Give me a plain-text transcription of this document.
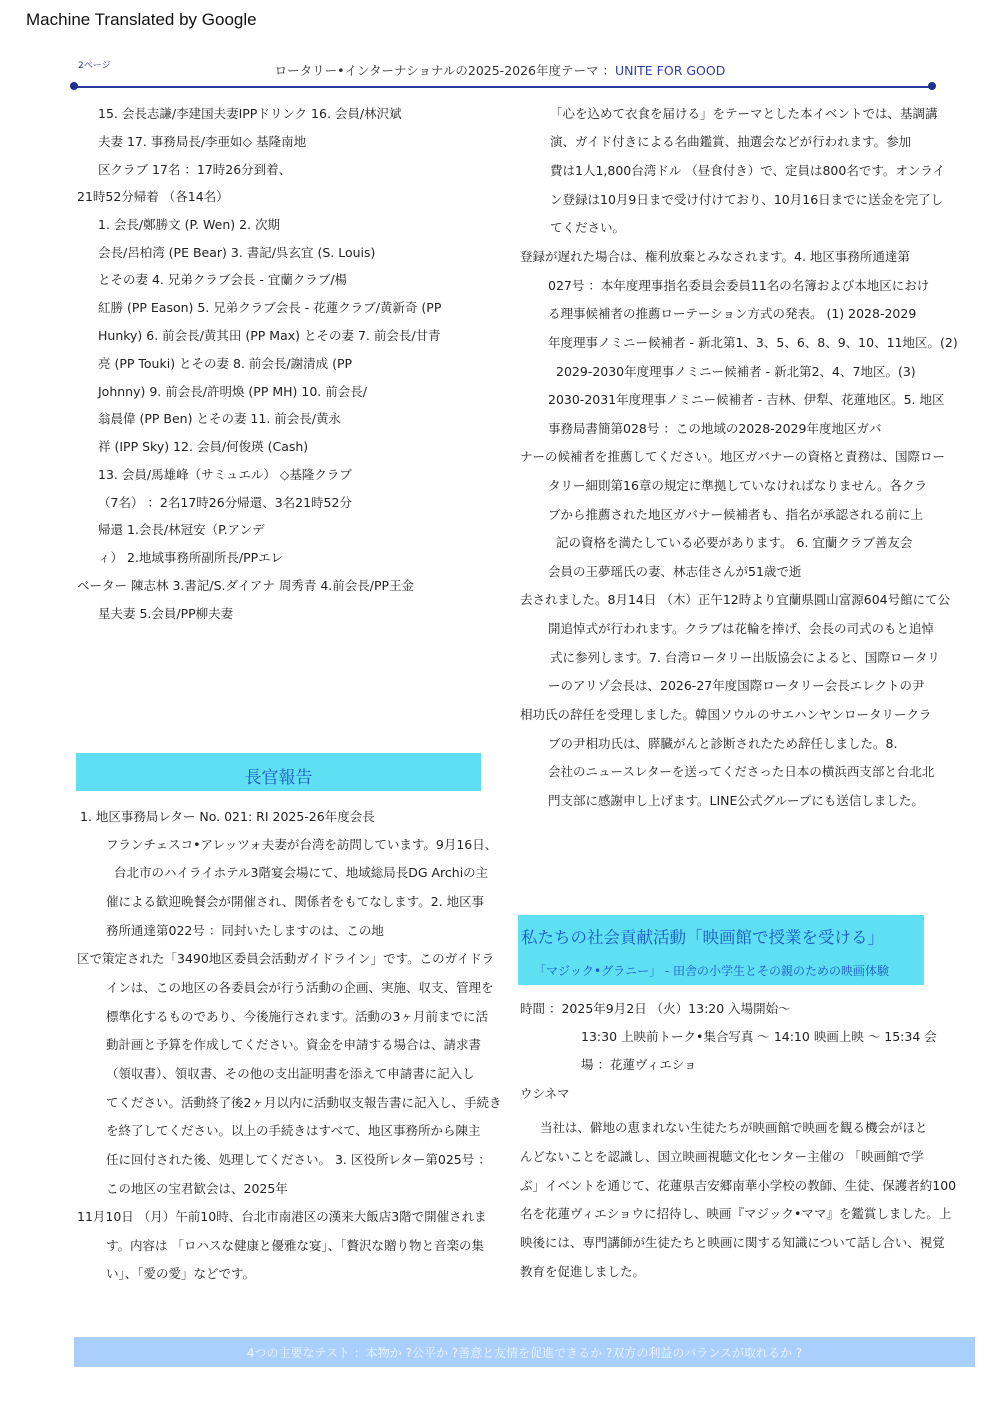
Machine Translated by Google
2ページ	ロータリー•インターナショナルの2025-2026年度テーマ ：UNITE FOR GOOD
15. 会長志謙/李建国夫妻IPPドリンク 16. 会員/林沢斌
夫妻 17. 事務局長/李亜如◇ 基隆南地
区クラブ 17名 ：17時26分到着、
21時52分帰着 （各14名）
1. 会長/鄭勝文 (P. Wen) 2. 次期
会長/呂柏湾 (PE Bear) 3. 書記/呉玄宜 (S. Louis)
とその妻 4. 兄弟クラブ会長 - 宜蘭クラブ/楊
紅勝 (PP Eason) 5. 兄弟クラブ会長 - 花蓮クラブ/黄新奇 (PP
Hunky) 6. 前会長/黄其田 (PP Max) とその妻 7. 前会長/甘青
亮 (PP Touki) とその妻 8. 前会長/謝清成 (PP
Johnny) 9. 前会長/許明煥 (PP MH) 10. 前会長/
翁晨偉 (PP Ben) とその妻 11. 前会長/黄永
祥 (IPP Sky) 12. 会員/何俊瑛 (Cash)
13. 会員/馬雄峰（サミュエル） ◇基隆クラブ
（7名） ：2名17時26分帰還、3名21時52分
帰還 1.会長/林冠安（P.アンデ
ィ） 2.地域事務所副所長/PPエレ
ベーター 陳志林 3.書記/S.ダイアナ 周秀青 4.前会長/PP王金
星夫妻 5.会員/PP柳夫妻
長官報告
1. 地区事務局レター No. 021: RI 2025-26年度会長
フランチェスコ•アレッツォ夫妻が台湾を訪問しています。9月16日、
台北市のハイライホテル3階宴会場にて、地域総局長DG Archiの主
催による歓迎晩餐会が開催され、関係者をもてなします。2. 地区事
務所通達第022号 ：同封いたしますのは、この地
区で策定された「3490地区委員会活動ガイドライン」です。このガイドラ
インは、この地区の各委員会が行う活動の企画、実施、収支、管理を
標準化するものであり、今後施行されます。活動の3ヶ月前までに活
動計画と予算を作成してください。資金を申請する場合は、請求書
（領収書）、領収書、その他の支出証明書を添えて申請書に記入し
てください。活動終了後2ヶ月以内に活動収支報告書に記入し、手続き
を終了してください。以上の手続きはすべて、地区事務所から陳主
任に回付された後、処理してください。 3. 区役所レター第025号 ：
この地区の宝君歓会は、2025年
11月10日 （月）午前10時、台北市南港区の漢来大飯店3階で開催されま
す。内容は 「ロハスな健康と優雅な宴」、「贅沢な贈り物と音楽の集
い」、「愛の愛」などです。
「心を込めて衣食を届ける」をテーマとした本イベントでは、基調講
演、ガイド付きによる名曲鑑賞、抽選会などが行われます。参加
費は1人1,800台湾ドル （昼食付き）で、定員は800名です。オンライ
ン登録は10月9日まで受け付けており、10月16日までに送金を完了し
てください。
登録が遅れた場合は、権利放棄とみなされます。4. 地区事務所通達第
027号 ：本年度理事指名委員会委員11名の名簿および本地区におけ
る理事候補者の推薦ローテーション方式の発表。 (1) 2028-2029
年度理事ノミニー候補者 - 新北第1、3、5、6、8、9、10、11地区。(2)
2029-2030年度理事ノミニー候補者 - 新北第2、4、7地区。(3)
2030-2031年度理事ノミニー候補者 - 吉林、伊犁、花蓮地区。5. 地区
事務局書簡第028号 ：この地域の2028-2029年度地区ガバ
ナーの候補者を推薦してください。地区ガバナーの資格と責務は、国際ロー
タリー細則第16章の規定に準拠していなければなりません。各クラ
ブから推薦された地区ガバナー候補者も、指名が承認される前に上
記の資格を満たしている必要があります。 6. 宜蘭クラブ善友会
会員の王夢瑶氏の妻、林志佳さんが51歳で逝
去されました。8月14日 （木）正午12時より宜蘭県圓山富源604号館にて公
開追悼式が行われます。クラブは花輪を捧げ、会長の司式のもと追悼
式に参列します。7. 台湾ロータリー出版協会によると、国際ロータリ
ーのアリゾ会長は、2026-27年度国際ロータリー会長エレクトの尹
相功氏の辞任を受理しました。韓国ソウルのサエハンヤンロータリークラ
ブの尹相功氏は、膵臓がんと診断されたため辞任しました。8.
会社のニュースレターを送ってくださった日本の横浜西支部と台北北
門支部に感謝申し上げます。LINE公式グループにも送信しました。
私たちの社会貢献活動「映画館で授業を受ける」
「マジック•グラニー」 - 田舎の小学生とその親のための映画体験
時間 ：2025年9月2日 （火）13:20 入場開始〜
13:30 上映前トーク•集合写真 〜 14:10 映画上映 〜 15:34 会
場 ：花蓮ヴィエショ
ウシネマ
当社は、僻地の恵まれない生徒たちが映画館で映画を観る機会がほと
んどないことを認識し、国立映画視聴文化センター主催の 「映画館で学
ぶ」イベントを通じて、花蓮県吉安郷南華小学校の教師、生徒、保護者約100
名を花蓮ヴィエショウに招待し、映画『マジック•ママ』を鑑賞しました。上
映後には、専門講師が生徒たちと映画に関する知識について話し合い、視覚
教育を促進しました。
4つの主要なテスト ：本物か ?公平か ?善意と友情を促進できるか ?双方の利益のバランスが取れるか ?
